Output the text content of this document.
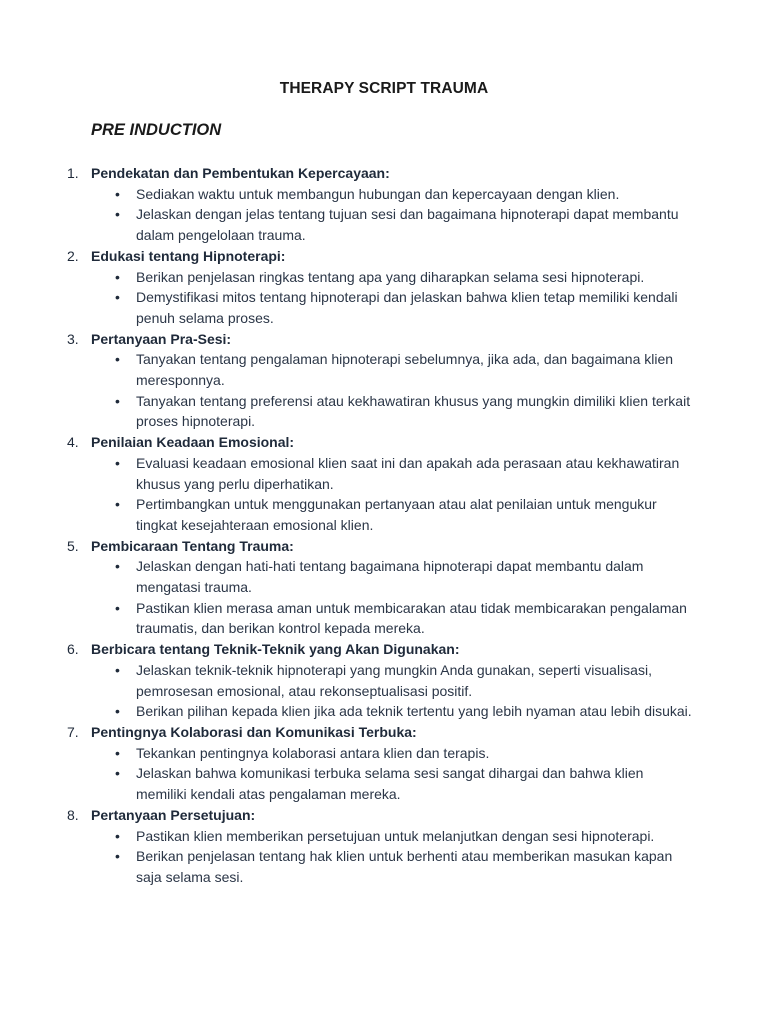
THERAPY SCRIPT TRAUMA
PRE INDUCTION
1. Pendekatan dan Pembentukan Kepercayaan:
• Sediakan waktu untuk membangun hubungan dan kepercayaan dengan klien.
• Jelaskan dengan jelas tentang tujuan sesi dan bagaimana hipnoterapi dapat membantu dalam pengelolaan trauma.
2. Edukasi tentang Hipnoterapi:
• Berikan penjelasan ringkas tentang apa yang diharapkan selama sesi hipnoterapi.
• Demystifikasi mitos tentang hipnoterapi dan jelaskan bahwa klien tetap memiliki kendali penuh selama proses.
3. Pertanyaan Pra-Sesi:
• Tanyakan tentang pengalaman hipnoterapi sebelumnya, jika ada, dan bagaimana klien meresponnya.
• Tanyakan tentang preferensi atau kekhawatiran khusus yang mungkin dimiliki klien terkait proses hipnoterapi.
4. Penilaian Keadaan Emosional:
• Evaluasi keadaan emosional klien saat ini dan apakah ada perasaan atau kekhawatiran khusus yang perlu diperhatikan.
• Pertimbangkan untuk menggunakan pertanyaan atau alat penilaian untuk mengukur tingkat kesejahteraan emosional klien.
5. Pembicaraan Tentang Trauma:
• Jelaskan dengan hati-hati tentang bagaimana hipnoterapi dapat membantu dalam mengatasi trauma.
• Pastikan klien merasa aman untuk membicarakan atau tidak membicarakan pengalaman traumatis, dan berikan kontrol kepada mereka.
6. Berbicara tentang Teknik-Teknik yang Akan Digunakan:
• Jelaskan teknik-teknik hipnoterapi yang mungkin Anda gunakan, seperti visualisasi, pemrosesan emosional, atau rekonseptualisasi positif.
• Berikan pilihan kepada klien jika ada teknik tertentu yang lebih nyaman atau lebih disukai.
7. Pentingnya Kolaborasi dan Komunikasi Terbuka:
• Tekankan pentingnya kolaborasi antara klien dan terapis.
• Jelaskan bahwa komunikasi terbuka selama sesi sangat dihargai dan bahwa klien memiliki kendali atas pengalaman mereka.
8. Pertanyaan Persetujuan:
• Pastikan klien memberikan persetujuan untuk melanjutkan dengan sesi hipnoterapi.
• Berikan penjelasan tentang hak klien untuk berhenti atau memberikan masukan kapan saja selama sesi.
